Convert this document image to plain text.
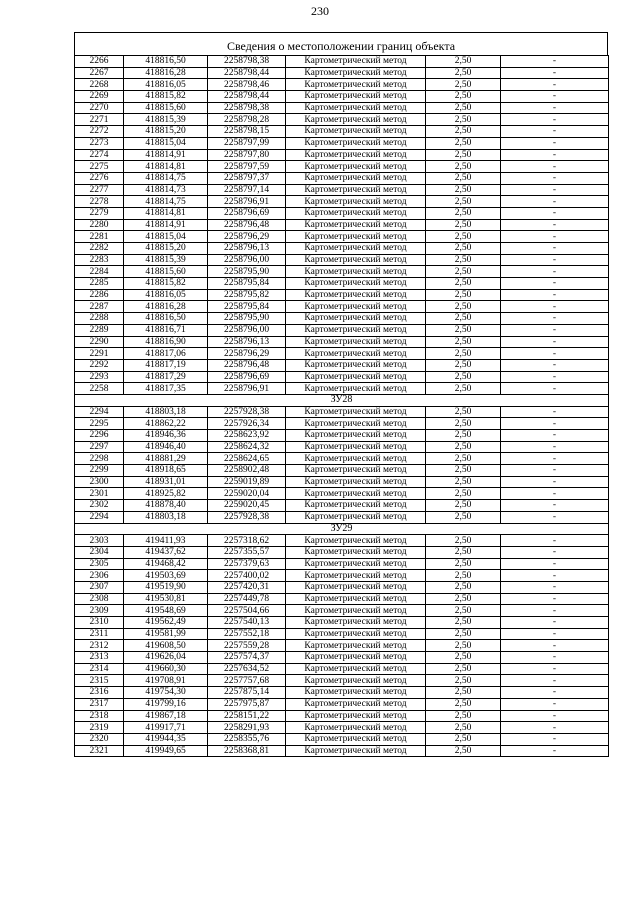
230
Сведения о местоположении границ объекта
2266	418816,50	2258798,38	Картометрический метод	2,50	-
2267	418816,28	2258798,44	Картометрический метод	2,50	-
2268	418816,05	2258798,46	Картометрический метод	2,50	-
2269	418815,82	2258798,44	Картометрический метод	2,50	-
2270	418815,60	2258798,38	Картометрический метод	2,50	-
2271	418815,39	2258798,28	Картометрический метод	2,50	-
2272	418815,20	2258798,15	Картометрический метод	2,50	-
2273	418815,04	2258797,99	Картометрический метод	2,50	-
2274	418814,91	2258797,80	Картометрический метод	2,50	-
2275	418814,81	2258797,59	Картометрический метод	2,50	-
2276	418814,75	2258797,37	Картометрический метод	2,50	-
2277	418814,73	2258797,14	Картометрический метод	2,50	-
2278	418814,75	2258796,91	Картометрический метод	2,50	-
2279	418814,81	2258796,69	Картометрический метод	2,50	-
2280	418814,91	2258796,48	Картометрический метод	2,50	-
2281	418815,04	2258796,29	Картометрический метод	2,50	-
2282	418815,20	2258796,13	Картометрический метод	2,50	-
2283	418815,39	2258796,00	Картометрический метод	2,50	-
2284	418815,60	2258795,90	Картометрический метод	2,50	-
2285	418815,82	2258795,84	Картометрический метод	2,50	-
2286	418816,05	2258795,82	Картометрический метод	2,50	-
2287	418816,28	2258795,84	Картометрический метод	2,50	-
2288	418816,50	2258795,90	Картометрический метод	2,50	-
2289	418816,71	2258796,00	Картометрический метод	2,50	-
2290	418816,90	2258796,13	Картометрический метод	2,50	-
2291	418817,06	2258796,29	Картометрический метод	2,50	-
2292	418817,19	2258796,48	Картометрический метод	2,50	-
2293	418817,29	2258796,69	Картометрический метод	2,50	-
2258	418817,35	2258796,91	Картометрический метод	2,50	-
ЗУ28					
2294	418803,18	2257928,38	Картометрический метод	2,50	-
2295	418862,22	2257926,34	Картометрический метод	2,50	-
2296	418946,36	2258623,92	Картометрический метод	2,50	-
2297	418946,40	2258624,32	Картометрический метод	2,50	-
2298	418881,29	2258624,65	Картометрический метод	2,50	-
2299	418918,65	2258902,48	Картометрический метод	2,50	-
2300	418931,01	2259019,89	Картометрический метод	2,50	-
2301	418925,82	2259020,04	Картометрический метод	2,50	-
2302	418878,40	2259020,45	Картометрический метод	2,50	-
2294	418803,18	2257928,38	Картометрический метод	2,50	-
ЗУ29					
2303	419411,93	2257318,62	Картометрический метод	2,50	-
2304	419437,62	2257355,57	Картометрический метод	2,50	-
2305	419468,42	2257379,63	Картометрический метод	2,50	-
2306	419503,69	2257400,02	Картометрический метод	2,50	-
2307	419519,90	2257420,31	Картометрический метод	2,50	-
2308	419530,81	2257449,78	Картометрический метод	2,50	-
2309	419548,69	2257504,66	Картометрический метод	2,50	-
2310	419562,49	2257540,13	Картометрический метод	2,50	-
2311	419581,99	2257552,18	Картометрический метод	2,50	-
2312	419608,50	2257559,28	Картометрический метод	2,50	-
2313	419626,04	2257574,37	Картометрический метод	2,50	-
2314	419660,30	2257634,52	Картометрический метод	2,50	-
2315	419708,91	2257757,68	Картометрический метод	2,50	-
2316	419754,30	2257875,14	Картометрический метод	2,50	-
2317	419799,16	2257975,87	Картометрический метод	2,50	-
2318	419867,18	2258151,22	Картометрический метод	2,50	-
2319	419917,71	2258291,93	Картометрический метод	2,50	-
2320	419944,35	2258355,76	Картометрический метод	2,50	-
2321	419949,65	2258368,81	Картометрический метод	2,50	-
